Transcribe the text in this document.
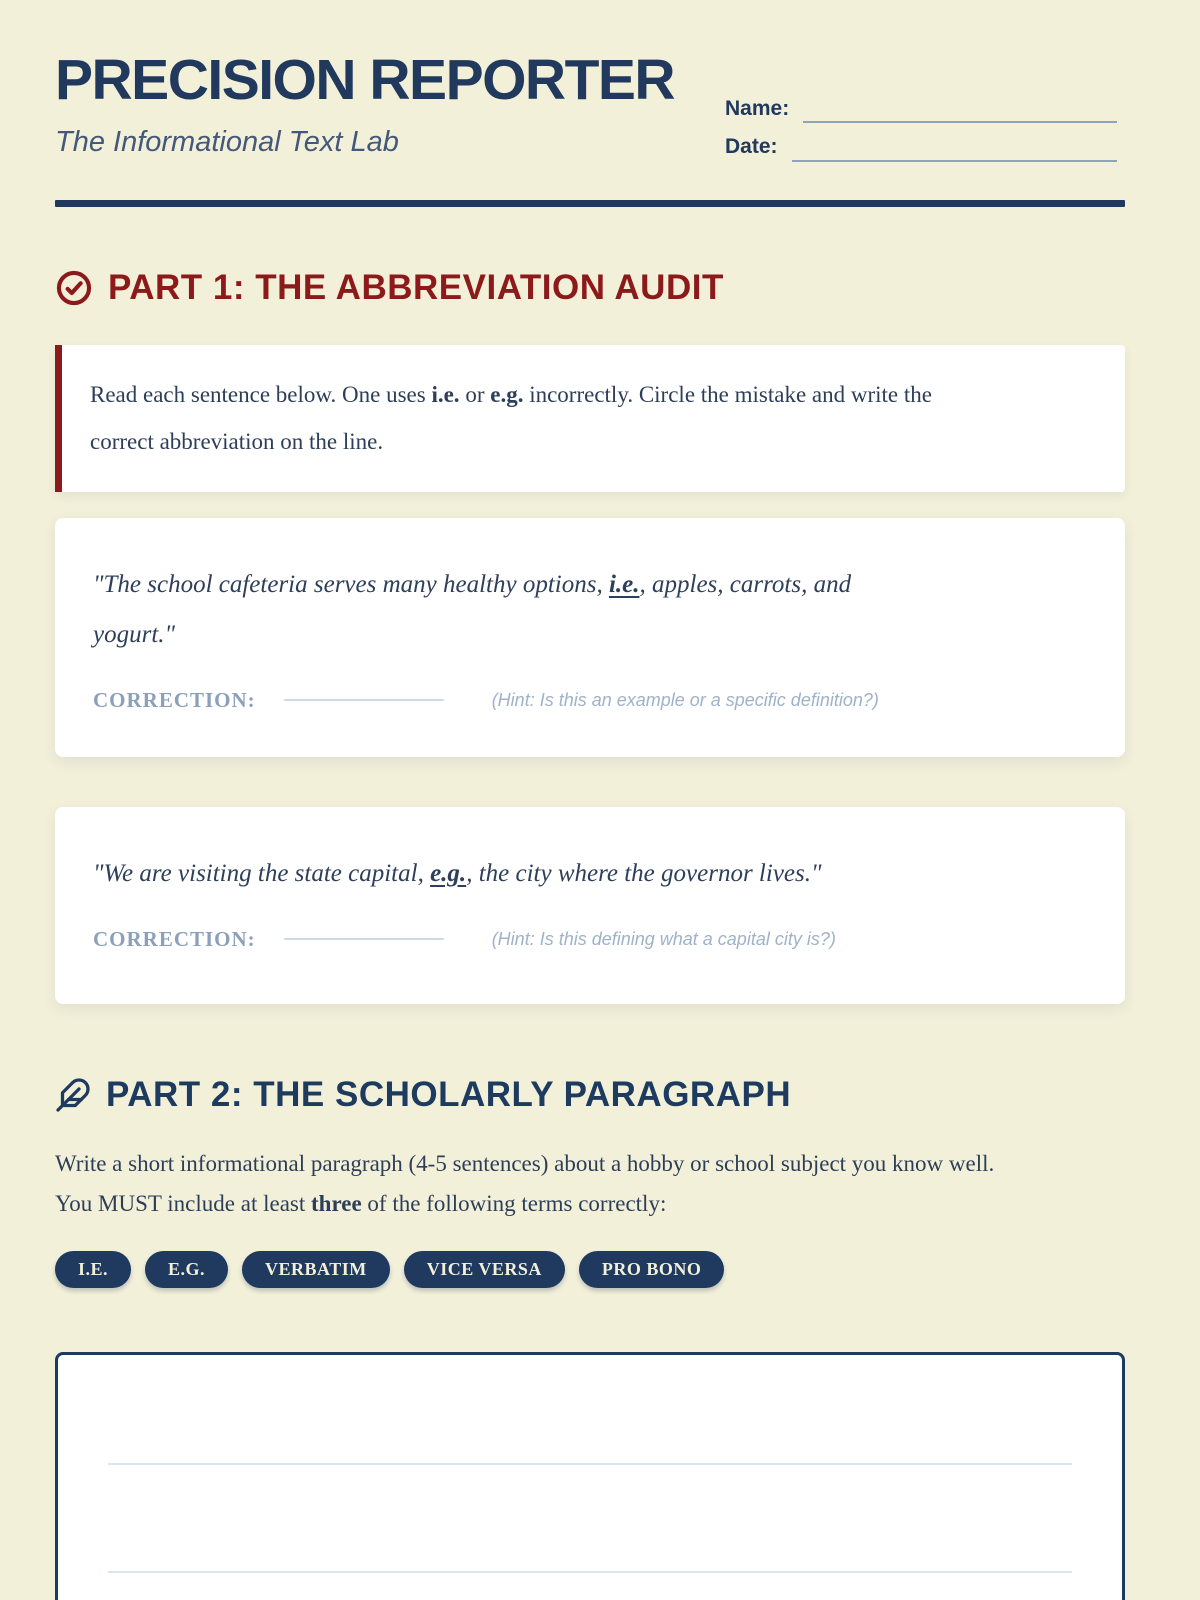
PRECISION REPORTER
The Informational Text Lab
Name:
Date:
PART 1: THE ABBREVIATION AUDIT
Read each sentence below. One uses i.e. or e.g. incorrectly. Circle the mistake and write the
correct abbreviation on the line.
"The school cafeteria serves many healthy options, i.e., apples, carrots, and
yogurt."
CORRECTION:	(Hint: Is this an example or a specific definition?)
"We are visiting the state capital, e.g., the city where the governor lives."
CORRECTION:	(Hint: Is this defining what a capital city is?)
PART 2: THE SCHOLARLY PARAGRAPH
Write a short informational paragraph (4-5 sentences) about a hobby or school subject you know well.
You MUST include at least three of the following terms correctly:
I.E.	E.G.	VERBATIM	VICE VERSA	PRO BONO
